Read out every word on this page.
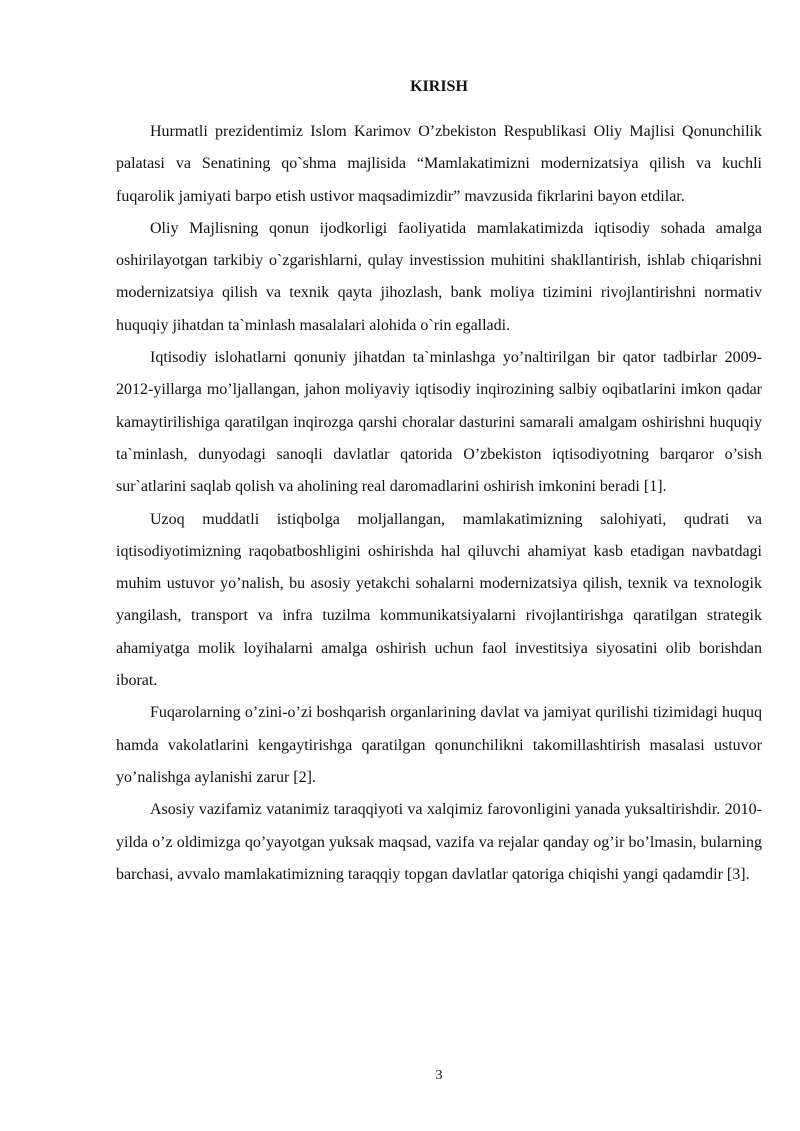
KIRISH

Hurmatli prezidentimiz Islom Karimov O’zbekiston Respublikasi Oliy Majlisi Qonunchilik palatasi va Senatining qo`shma majlisida “Mamlakatimizni modernizatsiya qilish va kuchli fuqarolik jamiyati barpo etish ustivor maqsadimizdir” mavzusida fikrlarini bayon etdilar.

Oliy Majlisning qonun ijodkorligi faoliyatida mamlakatimizda iqtisodiy sohada amalga oshirilayotgan tarkibiy o`zgarishlarni, qulay investission muhitini shakllantirish, ishlab chiqarishni modernizatsiya qilish va texnik qayta jihozlash, bank moliya tizimini rivojlantirishni normativ huquqiy jihatdan ta`minlash masalalari alohida o`rin egalladi.

Iqtisodiy islohatlarni qonuniy jihatdan ta`minlashga yo’naltirilgan bir qator tadbirlar 2009-2012-yillarga mo’ljallangan, jahon moliyaviy iqtisodiy inqirozining salbiy oqibatlarini imkon qadar kamaytirilishiga qaratilgan inqirozga qarshi choralar dasturini samarali amalgam oshirishni huquqiy ta`minlash, dunyodagi sanoqli davlatlar qatorida O’zbekiston iqtisodiyotning barqaror o’sish sur`atlarini saqlab qolish va aholining real daromadlarini oshirish imkonini beradi [1].

Uzoq muddatli istiqbolga moljallangan, mamlakatimizning salohiyati, qudrati va iqtisodiyotimizning raqobatboshligini oshirishda hal qiluvchi ahamiyat kasb etadigan navbatdagi muhim ustuvor yo’nalish, bu asosiy yetakchi sohalarni modernizatsiya qilish, texnik va texnologik yangilash, transport va infra tuzilma kommunikatsiyalarni rivojlantirishga qaratilgan strategik ahamiyatga molik loyihalarni amalga oshirish uchun faol investitsiya siyosatini olib borishdan iborat.

Fuqarolarning o’zini-o’zi boshqarish organlarining davlat va jamiyat qurilishi tizimidagi huquq hamda vakolatlarini kengaytirishga qaratilgan qonunchilikni takomillashtirish masalasi ustuvor yo’nalishga aylanishi zarur [2].

Asosiy vazifamiz vatanimiz taraqqiyoti va xalqimiz farovonligini yanada yuksaltirishdir. 2010-yilda o’z oldimizga qo’yayotgan yuksak maqsad, vazifa va rejalar qanday og’ir bo’lmasin, bularning barchasi, avvalo mamlakatimizning taraqqiy topgan davlatlar qatoriga chiqishi yangi qadamdir [3].

3
